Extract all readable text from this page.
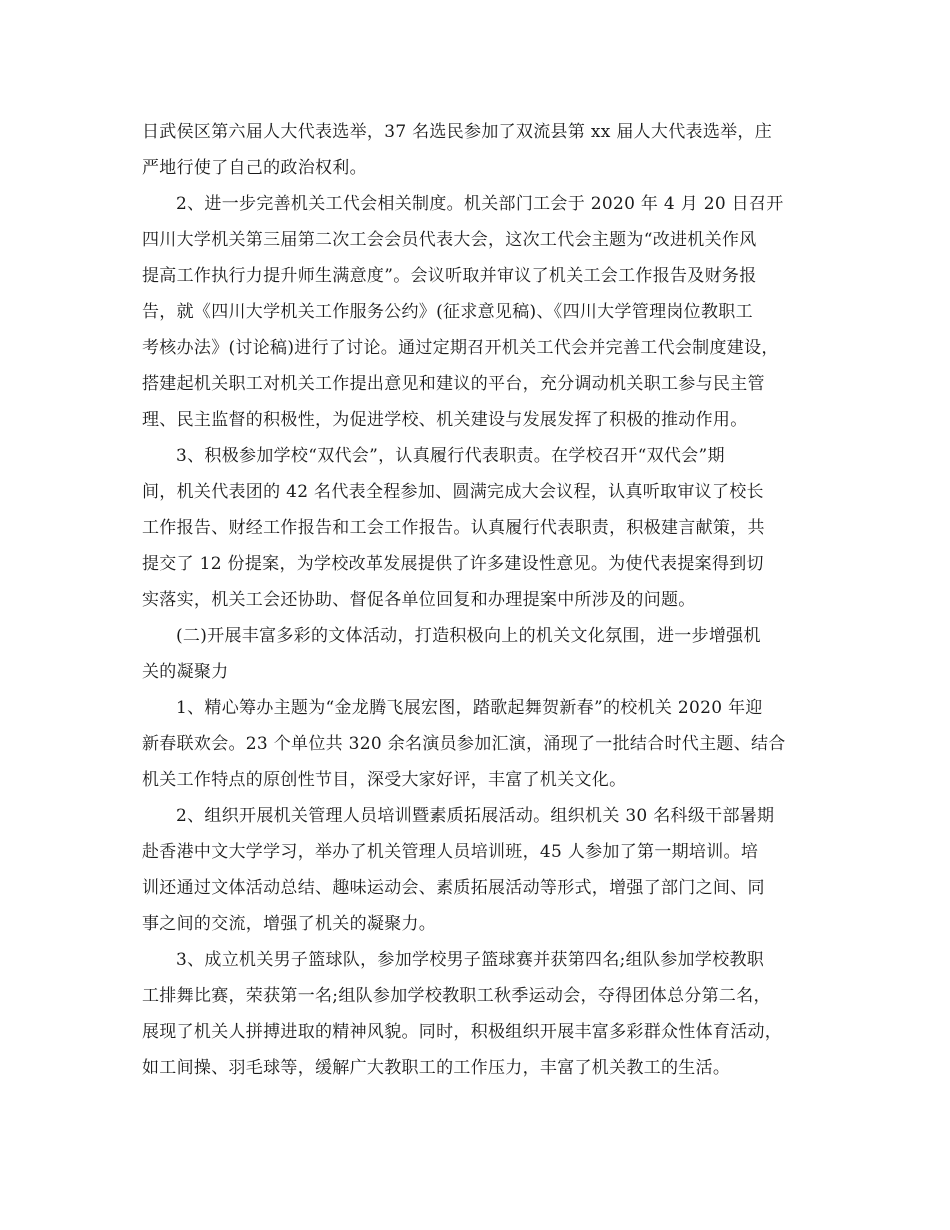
日武侯区第六届人大代表选举，37 名选民参加了双流县第 xx 届人大代表选举，庄
严地行使了自己的政治权利。
2、进一步完善机关工代会相关制度。机关部门工会于 2020 年 4 月 20 日召开
四川大学机关第三届第二次工会会员代表大会，这次工代会主题为“改进机关作风
提高工作执行力提升师生满意度”。会议听取并审议了机关工会工作报告及财务报
告，就《四川大学机关工作服务公约》(征求意见稿)、《四川大学管理岗位教职工
考核办法》(讨论稿)进行了讨论。通过定期召开机关工代会并完善工代会制度建设，
搭建起机关职工对机关工作提出意见和建议的平台，充分调动机关职工参与民主管
理、民主监督的积极性，为促进学校、机关建设与发展发挥了积极的推动作用。
3、积极参加学校“双代会”，认真履行代表职责。在学校召开“双代会”期
间，机关代表团的 42 名代表全程参加、圆满完成大会议程，认真听取审议了校长
工作报告、财经工作报告和工会工作报告。认真履行代表职责，积极建言献策，共
提交了 12 份提案，为学校改革发展提供了许多建设性意见。为使代表提案得到切
实落实，机关工会还协助、督促各单位回复和办理提案中所涉及的问题。
(二)开展丰富多彩的文体活动，打造积极向上的机关文化氛围，进一步增强机
关的凝聚力
1、精心筹办主题为“金龙腾飞展宏图，踏歌起舞贺新春”的校机关 2020 年迎
新春联欢会。23 个单位共 320 余名演员参加汇演，涌现了一批结合时代主题、结合
机关工作特点的原创性节目，深受大家好评，丰富了机关文化。
2、组织开展机关管理人员培训暨素质拓展活动。组织机关 30 名科级干部暑期
赴香港中文大学学习，举办了机关管理人员培训班，45 人参加了第一期培训。培
训还通过文体活动总结、趣味运动会、素质拓展活动等形式，增强了部门之间、同
事之间的交流，增强了机关的凝聚力。
3、成立机关男子篮球队，参加学校男子篮球赛并获第四名;组队参加学校教职
工排舞比赛，荣获第一名;组队参加学校教职工秋季运动会，夺得团体总分第二名，
展现了机关人拼搏进取的精神风貌。同时，积极组织开展丰富多彩群众性体育活动，
如工间操、羽毛球等，缓解广大教职工的工作压力，丰富了机关教工的生活。
